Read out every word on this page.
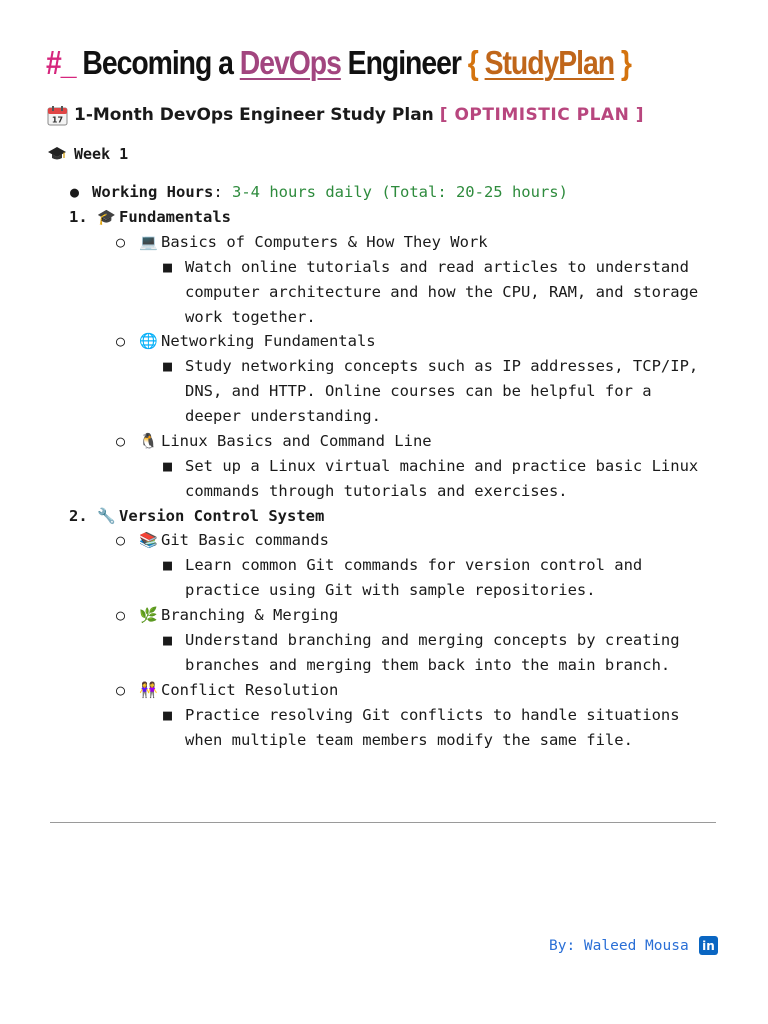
#_ Becoming a DevOps Engineer { StudyPlan }
17 1-Month DevOps Engineer Study Plan [ OPTIMISTIC PLAN ]
Week 1
● Working Hours: 3-4 hours daily (Total: 20-25 hours)
1. 🎓 Fundamentals
○ 💻 Basics of Computers & How They Work
■ Watch online tutorials and read articles to understand
computer architecture and how the CPU, RAM, and storage
work together.
○ 🌐 Networking Fundamentals
■ Study networking concepts such as IP addresses, TCP/IP,
DNS, and HTTP. Online courses can be helpful for a
deeper understanding.
○ 🐧 Linux Basics and Command Line
■ Set up a Linux virtual machine and practice basic Linux
commands through tutorials and exercises.
2. 🔧 Version Control System
○ 📚 Git Basic commands
■ Learn common Git commands for version control and
practice using Git with sample repositories.
○ 🌿 Branching & Merging
■ Understand branching and merging concepts by creating
branches and merging them back into the main branch.
○ 👭 Conflict Resolution
■ Practice resolving Git conflicts to handle situations
when multiple team members modify the same file.
By: Waleed Mousa in
